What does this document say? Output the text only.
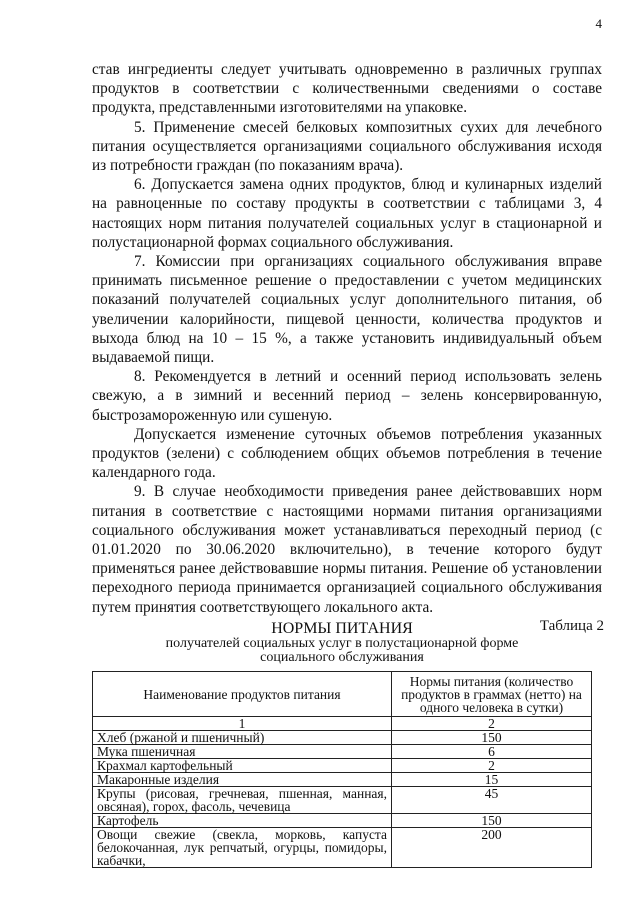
4

став ингредиенты следует учитывать одновременно в различных группах продуктов в соответствии с количественными сведениями о составе продукта, представленными изготовителями на упаковке.

5. Применение смесей белковых композитных сухих для лечебного питания осуществляется организациями социального обслуживания исходя из потребности граждан (по показаниям врача).

6. Допускается замена одних продуктов, блюд и кулинарных изделий на равноценные по составу продукты в соответствии с таблицами 3, 4 настоящих норм питания получателей социальных услуг в стационарной и полустационарной формах социального обслуживания.

7. Комиссии при организациях социального обслуживания вправе принимать письменное решение о предоставлении с учетом медицинских показаний получателей социальных услуг дополнительного питания, об увеличении калорийности, пищевой ценности, количества продуктов и выхода блюд на 10 – 15 %, а также установить индивидуальный объем выдаваемой пищи.

8. Рекомендуется в летний и осенний период использовать зелень свежую, а в зимний и весенний период – зелень консервированную, быстрозамороженную или сушеную.

Допускается изменение суточных объемов потребления указанных продуктов (зелени) с соблюдением общих объемов потребления в течение календарного года.

9. В случае необходимости приведения ранее действовавших норм питания в соответствие с настоящими нормами питания организациями социального обслуживания может устанавливаться переходный период (с 01.01.2020 по 30.06.2020 включительно), в течение которого будут применяться ранее действовавшие нормы питания. Решение об установлении переходного периода принимается организацией социального обслуживания путем принятия соответствующего локального акта.

Таблица 2
НОРМЫ ПИТАНИЯ
получателей социальных услуг в полустационарной форме
социального обслуживания
Наименование продуктов питания	Нормы питания (количество продуктов в граммах (нетто) на одного человека в сутки)
1	2
Хлеб (ржаной и пшеничный)	150
Мука пшеничная	6
Крахмал картофельный	2
Макаронные изделия	15
Крупы (рисовая, гречневая, пшенная, манная, овсяная), горох, фасоль, чечевица	45
Картофель	150
Овощи свежие (свекла, морковь, капуста белокочанная, лук репчатый, огурцы, помидоры, кабачки,	200
